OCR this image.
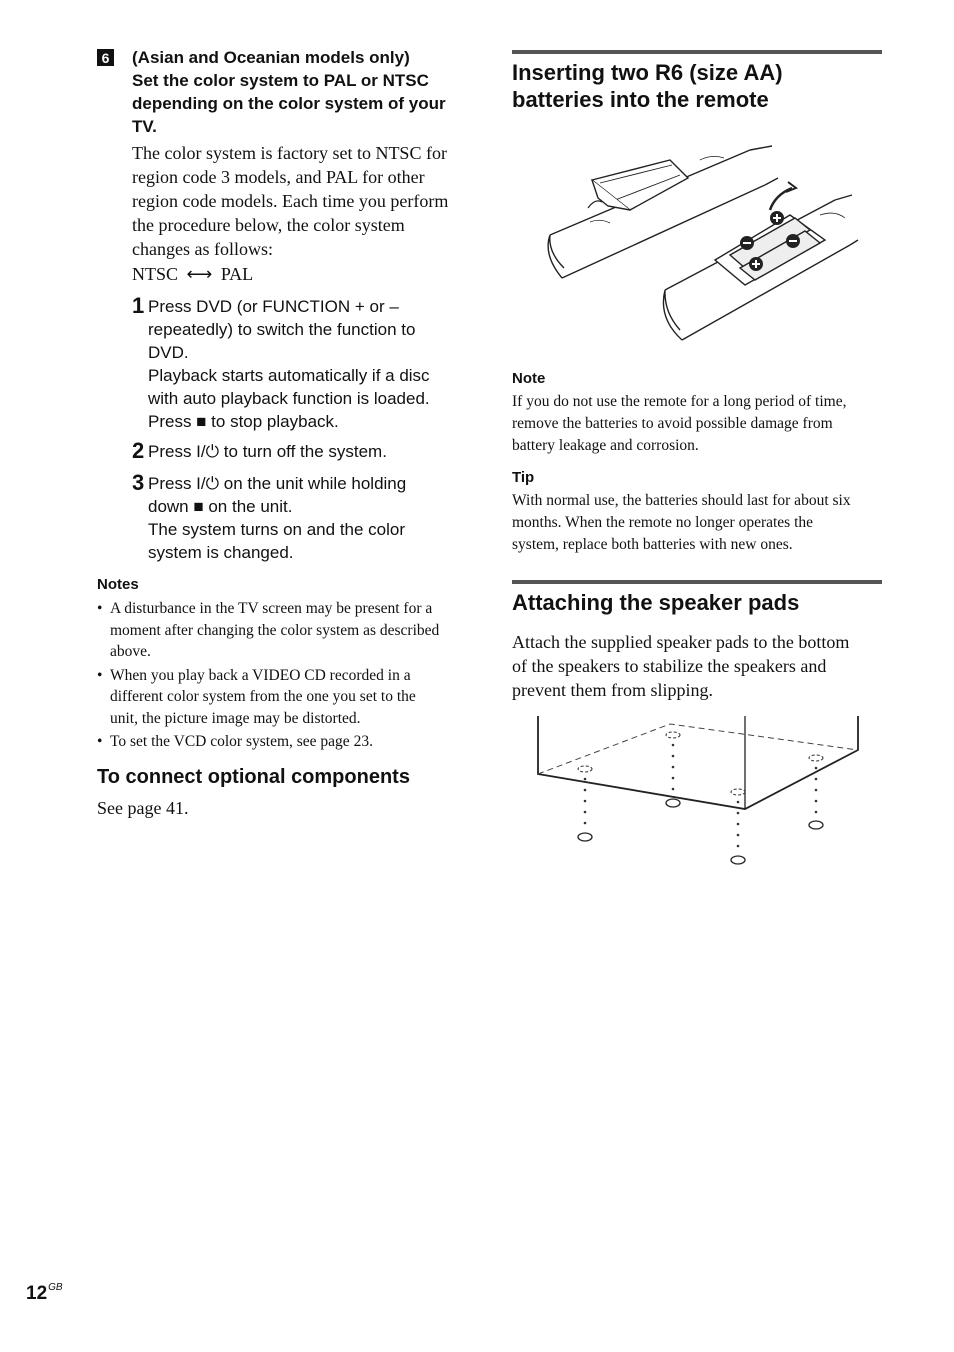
6 (Asian and Oceanian models only)
Set the color system to PAL or NTSC
depending on the color system of your
TV.
The color system is factory set to NTSC for
region code 3 models, and PAL for other
region code models. Each time you perform
the procedure below, the color system
changes as follows:
NTSC ⟷ PAL
1 Press DVD (or FUNCTION + or –
repeatedly) to switch the function to
DVD.
Playback starts automatically if a disc
with auto playback function is loaded.
Press ■ to stop playback.
2 Press I/⏻ to turn off the system.
3 Press I/⏻ on the unit while holding
down ■ on the unit.
The system turns on and the color
system is changed.
Notes
• A disturbance in the TV screen may be present for a
moment after changing the color system as described
above.
• When you play back a VIDEO CD recorded in a
different color system from the one you set to the
unit, the picture image may be distorted.
• To set the VCD color system, see page 23.
To connect optional components
See page 41.
Inserting two R6 (size AA)
batteries into the remote
Note
If you do not use the remote for a long period of time,
remove the batteries to avoid possible damage from
battery leakage and corrosion.
Tip
With normal use, the batteries should last for about six
months. When the remote no longer operates the
system, replace both batteries with new ones.
Attaching the speaker pads
Attach the supplied speaker pads to the bottom
of the speakers to stabilize the speakers and
prevent them from slipping.
$12^{GB}$
